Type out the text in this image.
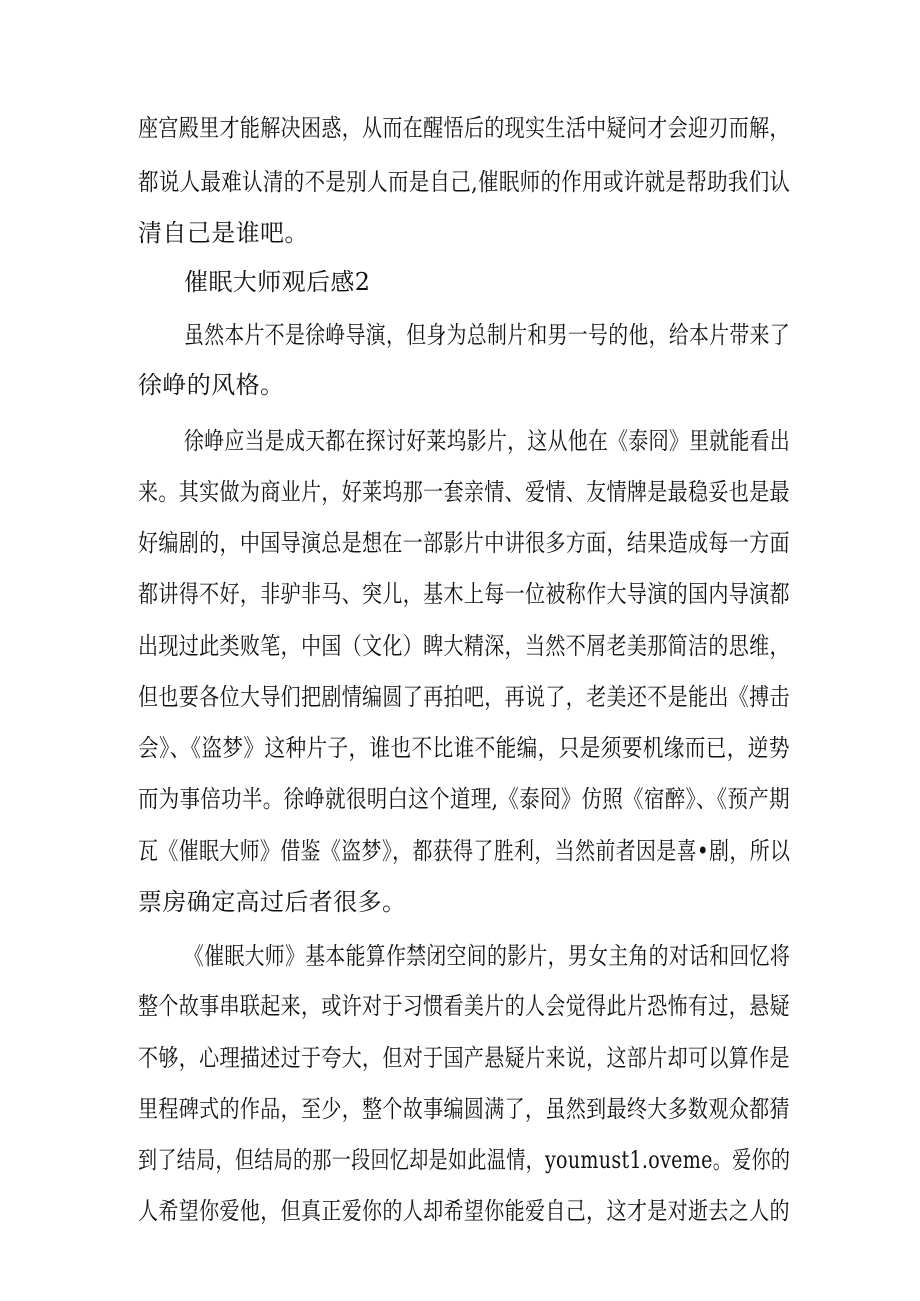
座宫殿里才能解决困惑，从而在醒悟后的现实生活中疑问才会迎刃而解，
都说人最难认清的不是别人而是自己,催眠师的作用或许就是帮助我们认
清自己是谁吧。
催眠大师观后感2
虽然本片不是徐峥导演，但身为总制片和男一号的他，给本片带来了
徐峥的风格。
徐峥应当是成天都在探讨好莱坞影片，这从他在《泰冏》里就能看出
来。其实做为商业片，好莱坞那一套亲情、爱情、友情牌是最稳妥也是最
好编剧的，中国导演总是想在一部影片中讲很多方面，结果造成每一方面
都讲得不好，非驴非马、突儿，基木上每一位被称作大导演的国内导演都
出现过此类败笔，中国（文化）睥大精深，当然不屑老美那简洁的思维，
但也要各位大导们把剧情编圆了再拍吧，再说了，老美还不是能出《搏击
会》、《盗梦》这种片子，谁也不比谁不能编，只是须要机缘而已，逆势
而为事倍功半。徐峥就很明白这个道理,《泰冏》仿照《宿醉》、《预产期
瓦《催眠大师》借鉴《盗梦》，都获得了胜利，当然前者因是喜•剧，所以
票房确定高过后者很多。
《催眠大师》基本能算作禁闭空间的影片，男女主角的对话和回忆将
整个故事串联起来，或许对于习惯看美片的人会觉得此片恐怖有过，悬疑
不够，心理描述过于夸大，但对于国产悬疑片来说，这部片却可以算作是
里程碑式的作品，至少，整个故事编圆满了，虽然到最终大多数观众都猜
到了结局，但结局的那一段回忆却是如此温情，youmust1.oveme。爱你的
人希望你爱他，但真正爱你的人却希望你能爱自己，这才是对逝去之人的
